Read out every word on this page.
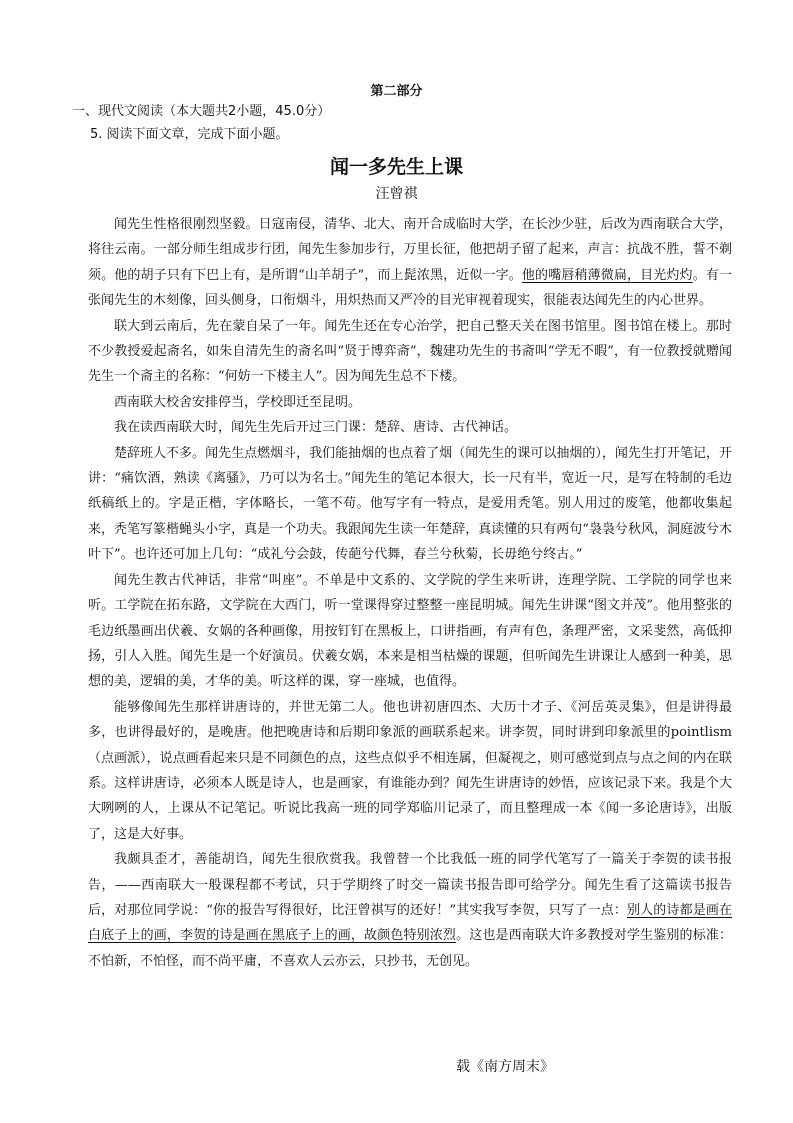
第二部分
一、现代文阅读（本大题共2小题，45.0分）
5. 阅读下面文章，完成下面小题。
闻一多先生上课
汪曾祺

闻先生性格很刚烈坚毅。日寇南侵，清华、北大、南开合成临时大学，在长沙少驻，后改为西南联合大学，将往云南。一部分师生组成步行团，闻先生参加步行，万里长征，他把胡子留了起来，声言：抗战不胜，誓不剃须。他的胡子只有下巴上有，是所谓“山羊胡子”，而上髭浓黑，近似一字。他的嘴唇稍薄微扁，目光灼灼。有一张闻先生的木刻像，回头侧身，口衔烟斗，用炽热而又严冷的目光审视着现实，很能表达闻先生的内心世界。

联大到云南后，先在蒙自呆了一年。闻先生还在专心治学，把自己整天关在图书馆里。图书馆在楼上。那时不少教授爱起斋名，如朱自清先生的斋名叫“贤于博弈斋”，魏建功先生的书斋叫“学无不暇”，有一位教授就赠闻先生一个斋主的名称：“何妨一下楼主人”。因为闻先生总不下楼。

西南联大校舍安排停当，学校即迁至昆明。

我在读西南联大时，闻先生先后开过三门课：楚辞、唐诗、古代神话。

楚辞班人不多。闻先生点燃烟斗，我们能抽烟的也点着了烟（闻先生的课可以抽烟的），闻先生打开笔记，开讲：“痛饮酒，熟读《离骚》，乃可以为名士。”闻先生的笔记本很大，长一尺有半，宽近一尺，是写在特制的毛边纸稿纸上的。字是正楷，字体略长，一笔不苟。他写字有一特点，是爱用秃笔。别人用过的废笔，他都收集起来，秃笔写篆楷蝇头小字，真是一个功夫。我跟闻先生读一年楚辞，真读懂的只有两句“袅袅兮秋风，洞庭波兮木叶下”。也许还可加上几句：“成礼兮会鼓，传葩兮代舞，春兰兮秋菊，长毋绝兮终古。”

闻先生教古代神话，非常“叫座”。不单是中文系的、文学院的学生来听讲，连理学院、工学院的同学也来听。工学院在拓东路，文学院在大西门，听一堂课得穿过整整一座昆明城。闻先生讲课“图文并茂”。他用整张的毛边纸墨画出伏羲、女娲的各种画像，用按钉钉在黑板上，口讲指画，有声有色，条理严密，文采斐然，高低抑扬，引人入胜。闻先生是一个好演员。伏羲女娲，本来是相当枯燥的课题，但听闻先生讲课让人感到一种美，思想的美，逻辑的美，才华的美。听这样的课，穿一座城，也值得。

能够像闻先生那样讲唐诗的，并世无第二人。他也讲初唐四杰、大历十才子、《河岳英灵集》，但是讲得最多，也讲得最好的，是晚唐。他把晚唐诗和后期印象派的画联系起来。讲李贺，同时讲到印象派里的pointlism（点画派），说点画看起来只是不同颜色的点，这些点似乎不相连属，但凝视之，则可感觉到点与点之间的内在联系。这样讲唐诗，必须本人既是诗人，也是画家，有谁能办到？闻先生讲唐诗的妙悟，应该记录下来。我是个大大咧咧的人，上课从不记笔记。听说比我高一班的同学郑临川记录了，而且整理成一本《闻一多论唐诗》，出版了，这是大好事。

我颇具歪才，善能胡诌，闻先生很欣赏我。我曾替一个比我低一班的同学代笔写了一篇关于李贺的读书报告，——西南联大一般课程都不考试，只于学期终了时交一篇读书报告即可给学分。闻先生看了这篇读书报告后，对那位同学说：“你的报告写得很好，比汪曾祺写的还好！”其实我写李贺，只写了一点：别人的诗都是画在白底子上的画，李贺的诗是画在黑底子上的画，故颜色特别浓烈。这也是西南联大许多教授对学生鉴别的标准：不怕新，不怕怪，而不尚平庸，不喜欢人云亦云，只抄书，无创见。

载《南方周末》
